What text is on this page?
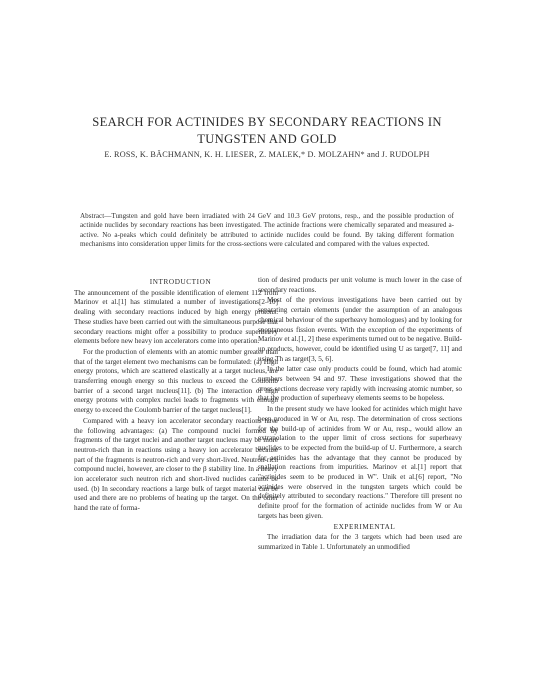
SEARCH FOR ACTINIDES BY SECONDARY REACTIONS IN
TUNGSTEN AND GOLD
E. ROSS, K. BÄCHMANN, K. H. LIESER, Z. MALEK,* D. MOLZAHN* and J. RUDOLPH
Abstract—Tungsten and gold have been irradiated with 24 GeV and 10.3 GeV protons, resp., and the possible production of actinide nuclides by secondary reactions has been investigated. The actinide fractions were chemically separated and measured a-active. No a-peaks which could definitely be attributed to actinide nuclides could be found. By taking different formation mechanisms into consideration upper limits for the cross-sections were calculated and compared with the values expected.

INTRODUCTION

The announcement of the possible identification of element 112 from Marinov et al.[1] has stimulated a number of investigations[2–10] dealing with secondary reactions induced by high energy protons. These studies have been carried out with the simultaneous purpose that secondary reactions might offer a possibility to produce superheavy elements before new heavy ion accelerators come into operation.

For the production of elements with an atomic number greater than that of the target element two mechanisms can be formulated: (a) High energy protons, which are scattered elastically at a target nucleus, are transferring enough energy so this nucleus to exceed the Coulomb barrier of a second target nucleus[11]. (b) The interaction of high energy protons with complex nuclei leads to fragments with enough energy to exceed the Coulomb barrier of the target nucleus[1].

Compared with a heavy ion accelerator secondary reactions have the following advantages: (a) The compound nuclei formed by fragments of the target nuclei and another target nucleus may be more neutron-rich than in reactions using a heavy ion accelerator because part of the fragments is neutron-rich and very short-lived. Neutron-rich compound nuclei, however, are closer to the β stability line. In a heavy ion accelerator such neutron rich and short-lived nuclides cannot be used. (b) In secondary reactions a large bulk of target material can be used and there are no problems of heating up the target. On the other hand the rate of forma-

tion of desired products per unit volume is much lower in the case of secondary reactions.

Most of the previous investigations have been carried out by separating certain elements (under the assumption of an analogous chemical behaviour of the superheavy homologues) and by looking for spontaneous fission events. With the exception of the experiments of Marinov et al.[1, 2] these experiments turned out to be negative. Build-up products, however, could be identified using U as target[7, 11] and using Th as target[3, 5, 6].

In the latter case only products could be found, which had atomic numbers between 94 and 97. These investigations showed that the cross sections decrease very rapidly with increasing atomic number, so that the production of superheavy elements seems to be hopeless.

In the present study we have looked for actinides which might have been produced in W or Au, resp. The determination of cross sections for the build-up of actinides from W or Au, resp., would allow an extrapolation to the upper limit of cross sections for superheavy nuclides to be expected from the build-up of U. Furthermore, a search for actinides has the advantage that they cannot be produced by spallation reactions from impurities. Marinov et al.[1] report that "actinides seem to be produced in W". Unik et al.[6] report, "No actinides were observed in the tungsten targets which could be definitely attributed to secondary reactions." Therefore till present no definite proof for the formation of actinide nuclides from W or Au targets has been given.

EXPERIMENTAL

The irradiation data for the 3 targets which had been used are summarized in Table 1. Unfortunately an unmodified
